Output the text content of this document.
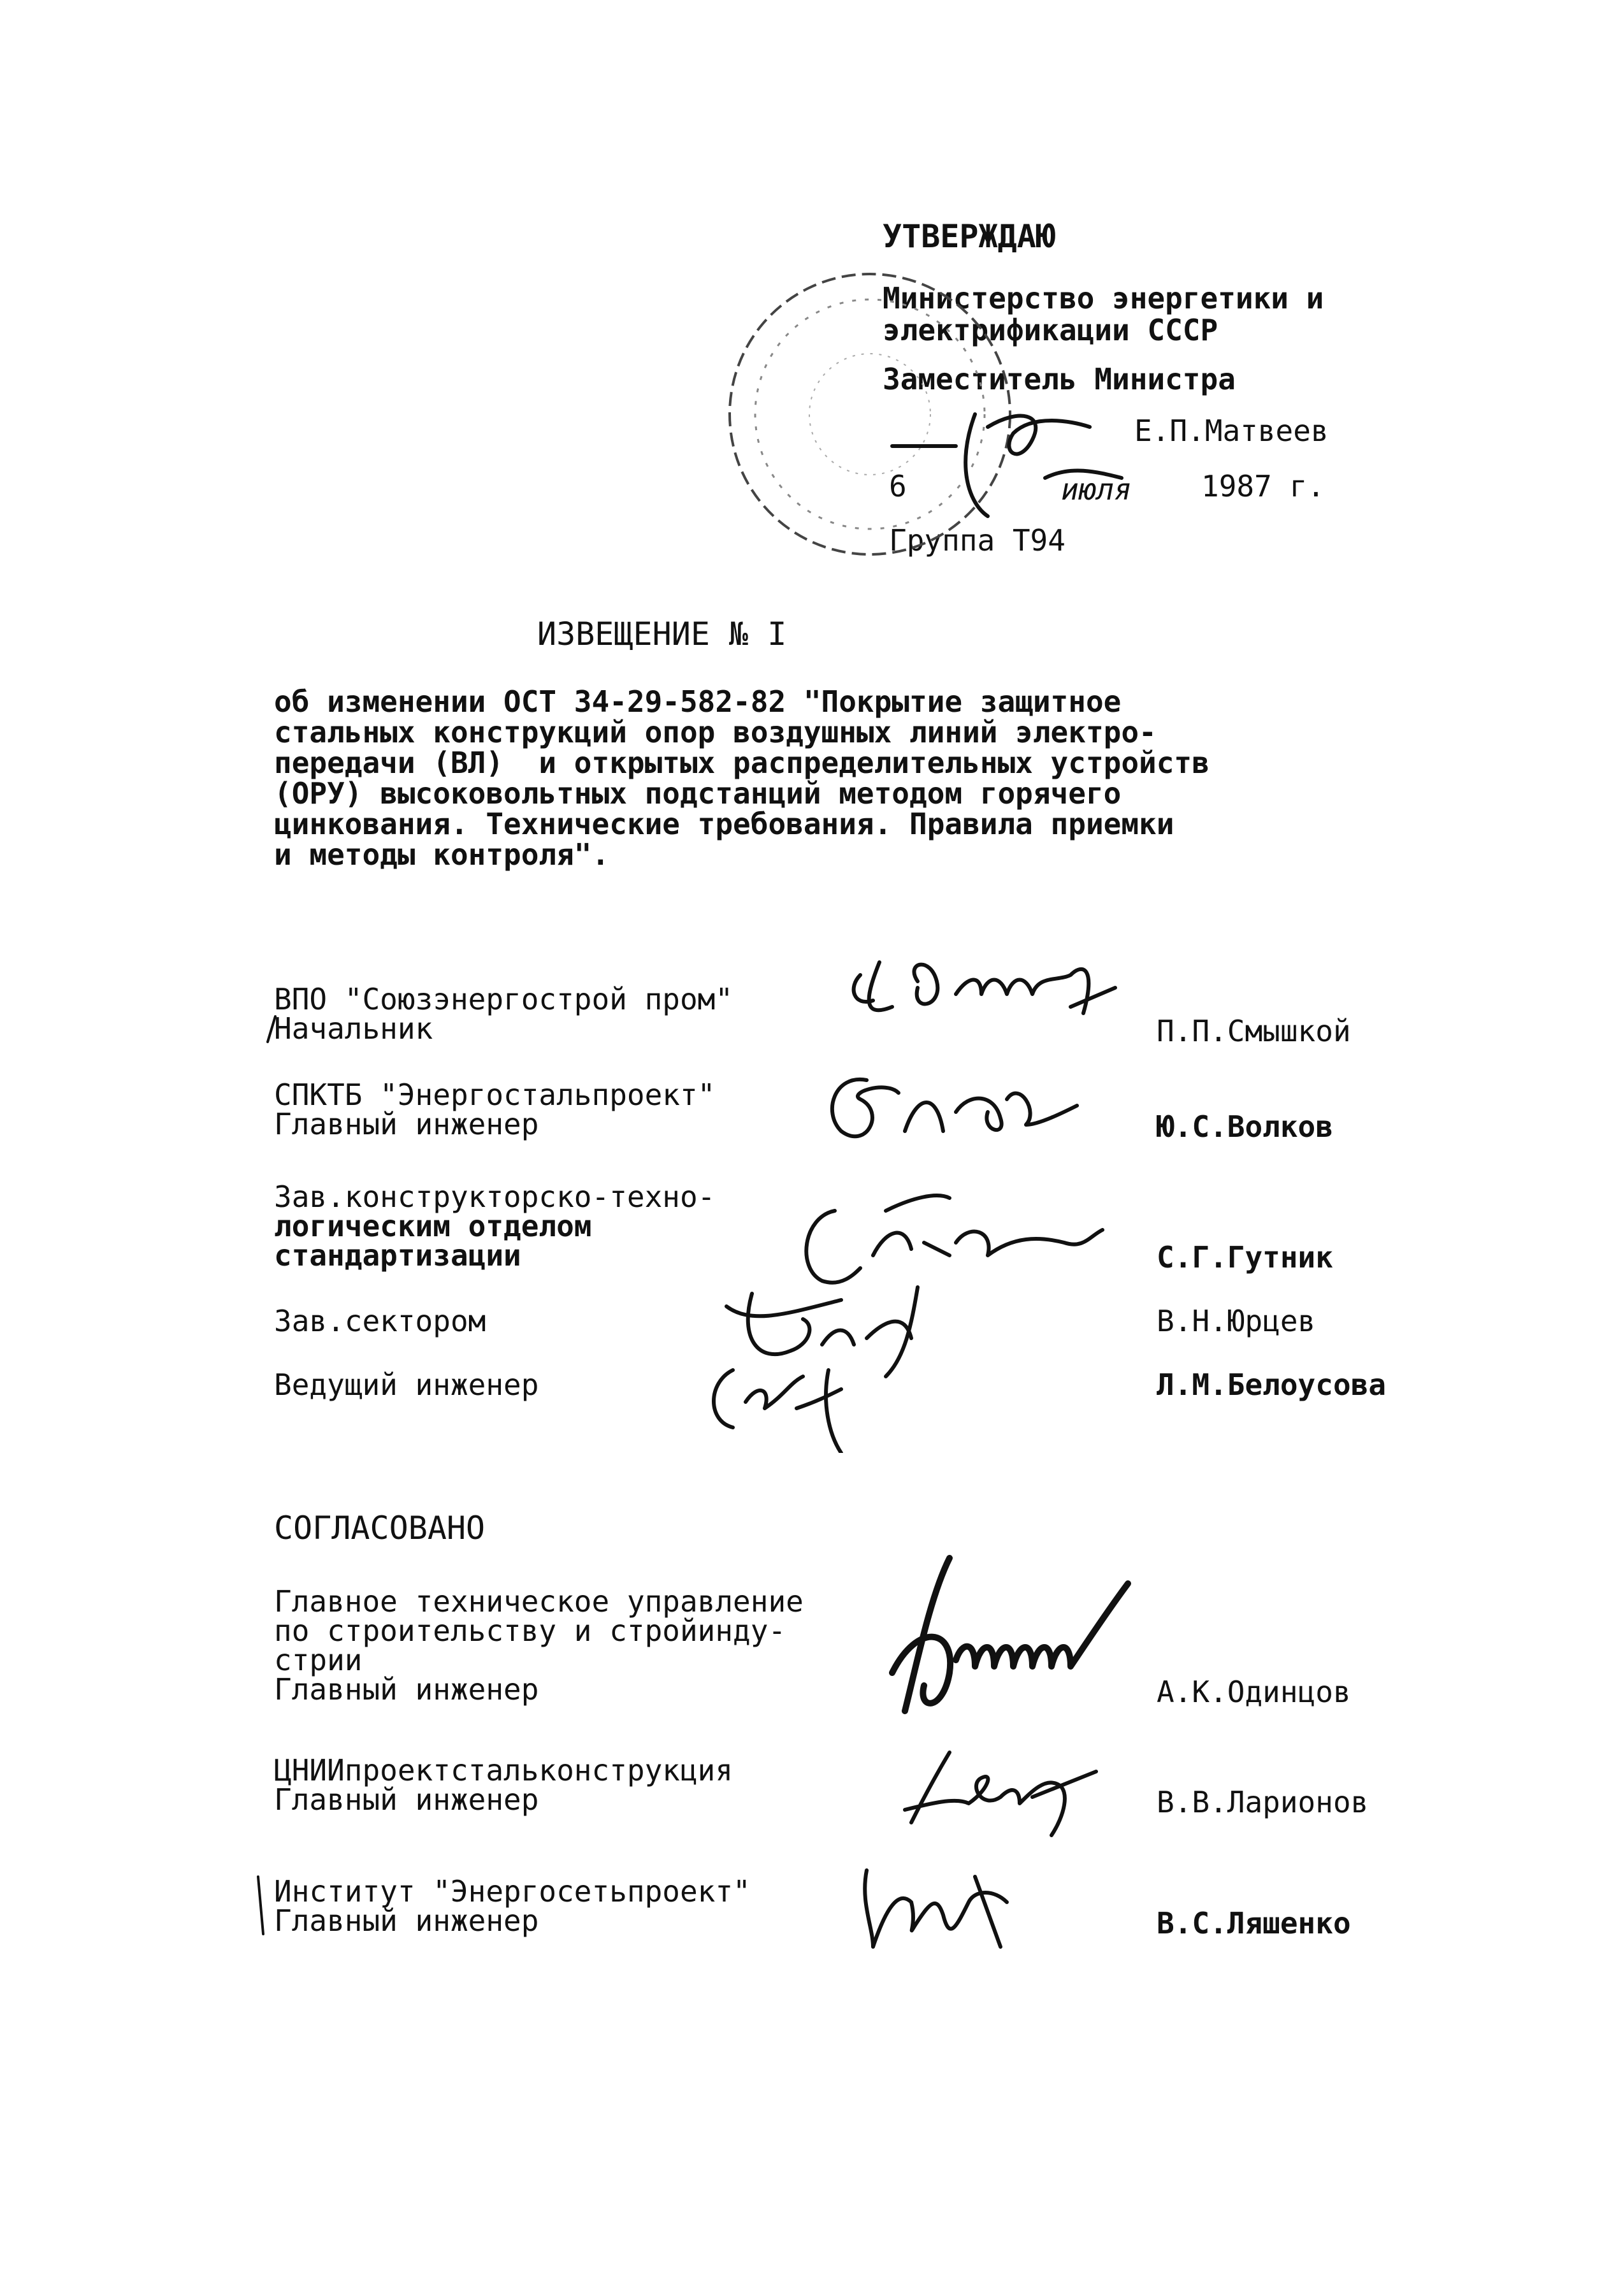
УТВЕРЖДАЮ
Министерство энергетики и
электрификации СССР
Заместитель Министра
Е.П.Матвеев
6	июля 1987 г.
Группа Т94
ИЗВЕЩЕНИЕ № I
об изменении ОСТ 34-29-582-82 "Покрытие защитное
стальных конструкций опор воздушных линий электро-
передачи (ВЛ)  и открытых распределительных устройств
(ОРУ) высоковольтных подстанций методом горячего
цинкования. Технические требования. Правила приемки
и методы контроля".
ВПО "Союзэнергострой пром"
Начальник	П.П.Смышкой
СПКТБ "Энергостальпроект"
Главный инженер	Ю.С.Волков
Зав.конструкторско-техно-
логическим отделом
стандартизации	С.Г.Гутник
Зав.сектором	В.Н.Юрцев
Ведущий инженер	Л.М.Белоусова
СОГЛАСОВАНО
Главное техническое управление
по строительству и стройинду-
стрии
Главный инженер	А.К.Одинцов
ЦНИИпроектстальконструкция
Главный инженер	В.В.Ларионов
Институт "Энергосетьпроект"
Главный инженер	В.С.Ляшенко
